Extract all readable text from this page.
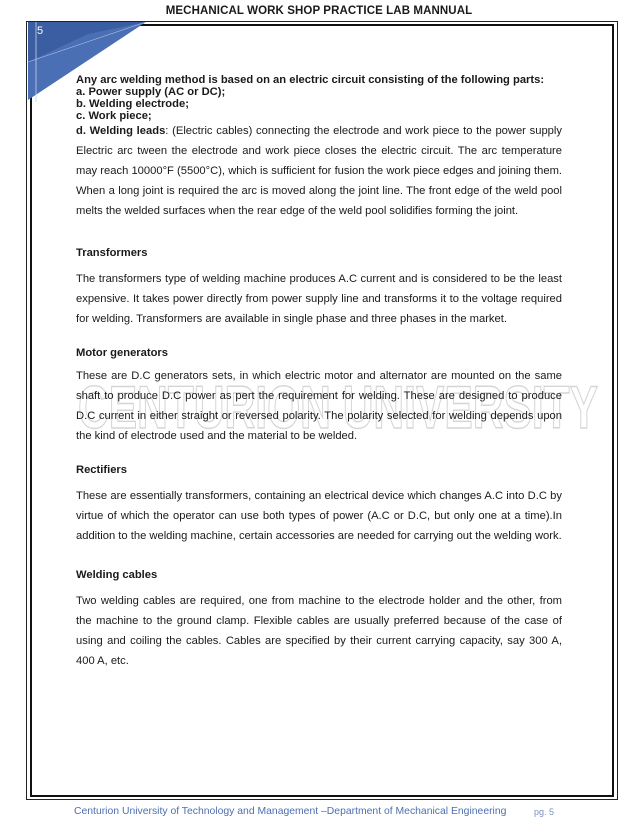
MECHANICAL WORK SHOP PRACTICE LAB MANNUAL
5
CENTURION UNIVERSITY

Any arc welding method is based on an electric circuit consisting of the following parts:
a. Power supply (AC or DC);
b. Welding electrode;
c. Work piece;

d. Welding leads: (Electric cables) connecting the electrode and work piece to the power supply Electric arc tween the electrode and work piece closes the electric circuit. The arc temperature may reach 10000°F (5500°C), which is sufficient for fusion the work piece edges and joining them. When a long joint is required the arc is moved along the joint line. The front edge of the weld pool melts the welded surfaces when the rear edge of the weld pool solidifies forming the joint.

Transformers

The transformers type of welding machine produces A.C current and is considered to be the least expensive. It takes power directly from power supply line and transforms it to the voltage required for welding. Transformers are available in single phase and three phases in the market.

Motor generators

These are D.C generators sets, in which electric motor and alternator are mounted on the same shaft to produce D.C power as pert the requirement for welding. These are designed to produce D.C current in either straight or reversed polarity. The polarity selected for welding depends upon the kind of electrode used and the material to be welded.

Rectifiers

These are essentially transformers, containing an electrical device which changes A.C into D.C by virtue of which the operator can use both types of power (A.C or D.C, but only one at a time).In addition to the welding machine, certain accessories are needed for carrying out the welding work.

Welding cables

Two welding cables are required, one from machine to the electrode holder and the other, from the machine to the ground clamp. Flexible cables are usually preferred because of the case of using and coiling the cables. Cables are specified by their current carrying capacity, say 300 A, 400 A, etc.

Centurion University of Technology and Management –Department of Mechanical Engineering	pg. 5
